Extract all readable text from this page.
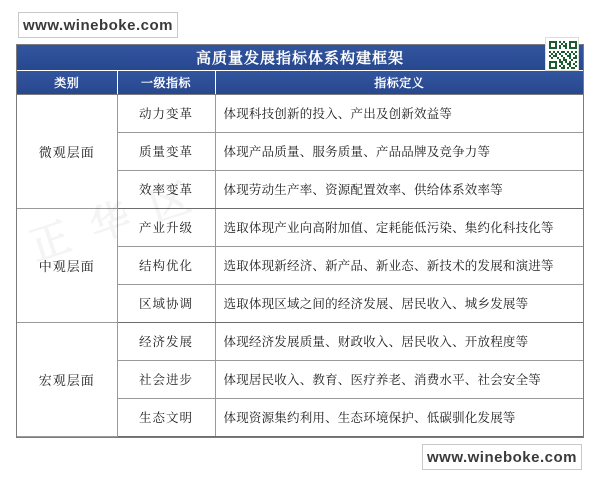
www.wineboke.com
www.wineboke.com
高质量发展指标体系构建框架
类别	一级指标	指标定义
微观层面	动力变革	体现科技创新的投入、产出及创新效益等
	质量变革	体现产品质量、服务质量、产品品牌及竞争力等
	效率变革	体现劳动生产率、资源配置效率、供给体系效率等
中观层面	产业升级	选取体现产业向高附加值、定耗能低污染、集约化科技化等
	结构优化	选取体现新经济、新产品、新业态、新技术的发展和演进等
	区域协调	选取体现区域之间的经济发展、居民收入、城乡发展等
宏观层面	经济发展	体现经济发展质量、财政收入、居民收入、开放程度等
	社会进步	体现居民收入、教育、医疗养老、消费水平、社会安全等
	生态文明	体现资源集约利用、生态环境保护、低碳驯化发展等
